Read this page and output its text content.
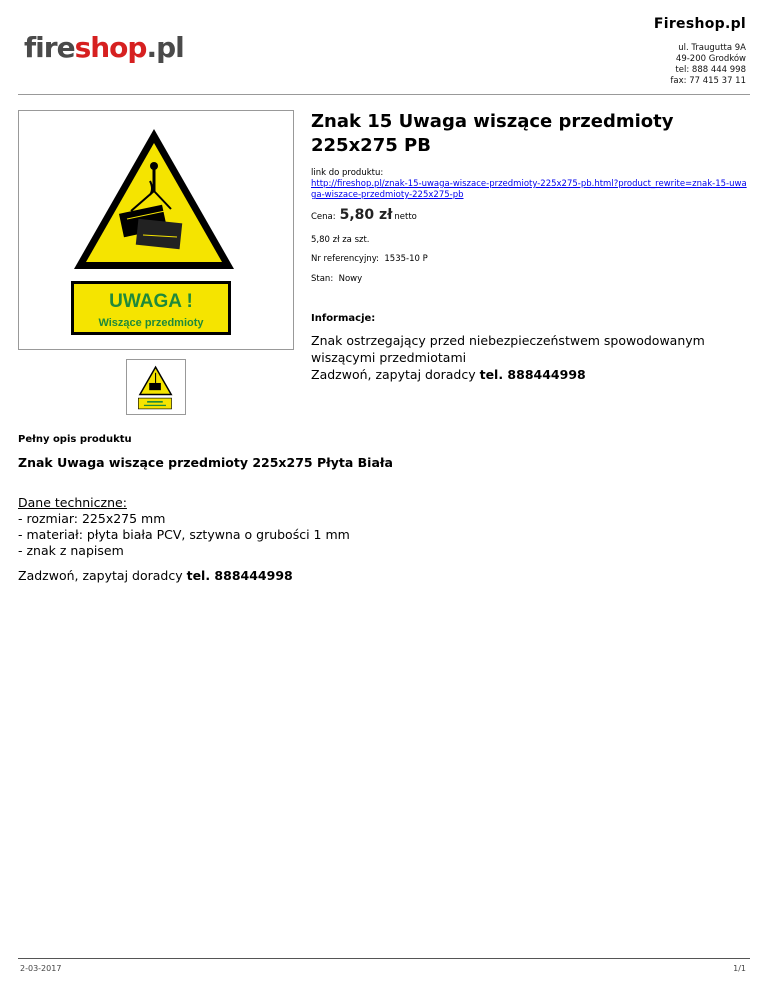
Fireshop.pl
fireshop.pl	ul. Traugutta 9A
49-200 Grodków
tel: 888 444 998
fax: 77 415 37 11
UWAGA !
Wiszące przedmioty
Znak 15 Uwaga wiszące przedmioty 225x275 PB
link do produktu:
http://fireshop.pl/znak-15-uwaga-wiszace-przedmioty-225x275-pb.html?product_rewrite=znak-15-uwaga-wiszace-przedmioty-225x275-pb
Cena: 5,80 zł netto
5,80 zł za szt.
Nr referencyjny: 1535-10 P
Stan: Nowy
Informacje:
Znak ostrzegający przed niebezpieczeństwem spowodowanym wiszącymi przedmiotami
Zadzwoń, zapytaj doradcy tel. 888444998
Pełny opis produktu
Znak Uwaga wiszące przedmioty 225x275 Płyta Biała
Dane techniczne:
- rozmiar: 225x275 mm
- materiał: płyta biała PCV, sztywna o grubości 1 mm
- znak z napisem
Zadzwoń, zapytaj doradcy tel. 888444998
2-03-2017	1/1
